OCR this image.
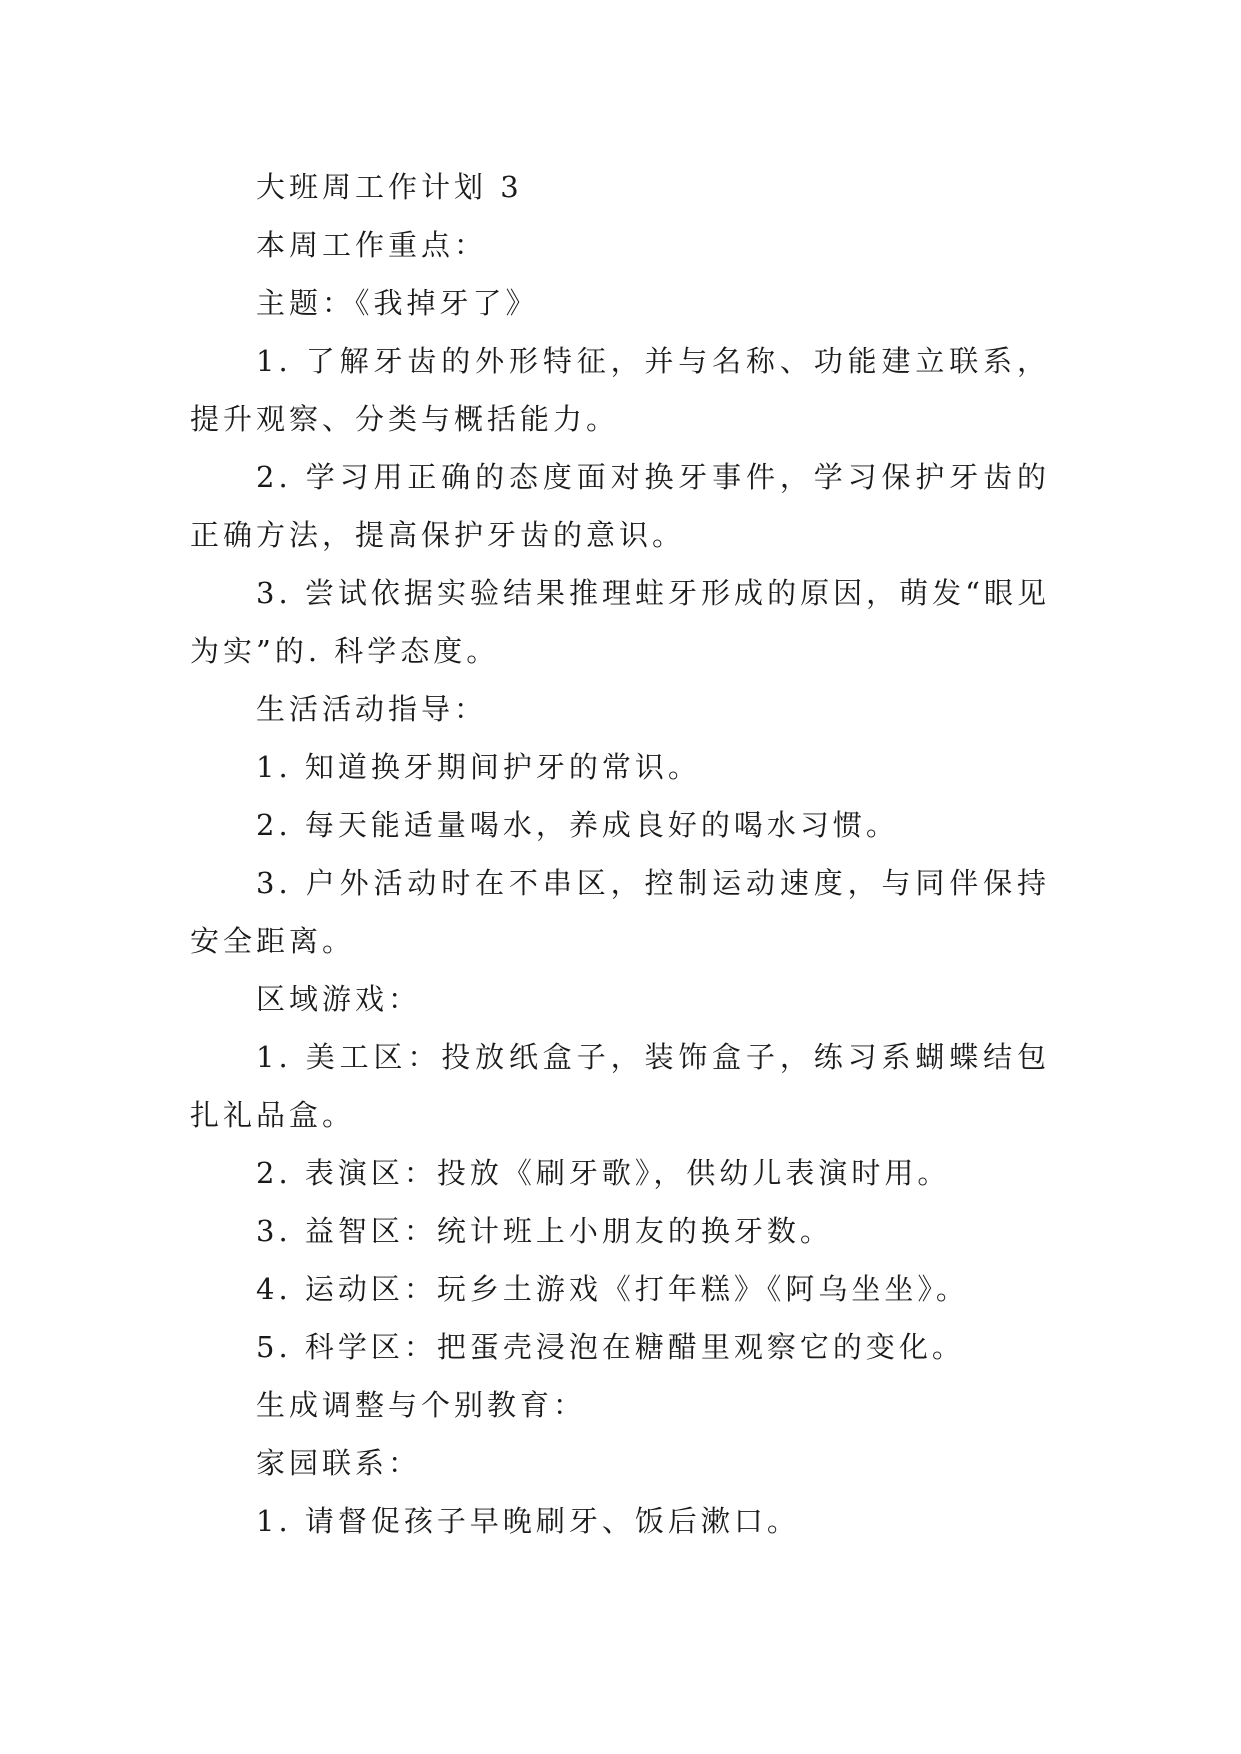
大班周工作计划 3

本周工作重点：

主题：《我掉牙了》

1. 了解牙齿的外形特征，并与名称、功能建立联系，提升观察、分类与概括能力。

2. 学习用正确的态度面对换牙事件，学习保护牙齿的正确方法，提高保护牙齿的意识。

3. 尝试依据实验结果推理蛀牙形成的原因，萌发“眼见为实”的. 科学态度。

生活活动指导：

1. 知道换牙期间护牙的常识。

2. 每天能适量喝水，养成良好的喝水习惯。

3. 户外活动时在不串区，控制运动速度，与同伴保持安全距离。

区域游戏：

1. 美工区：投放纸盒子，装饰盒子，练习系蝴蝶结包扎礼品盒。

2. 表演区：投放《刷牙歌》，供幼儿表演时用。

3. 益智区：统计班上小朋友的换牙数。

4. 运动区：玩乡土游戏《打年糕》《阿乌坐坐》。

5. 科学区：把蛋壳浸泡在糖醋里观察它的变化。

生成调整与个别教育：

家园联系：

1. 请督促孩子早晚刷牙、饭后漱口。
